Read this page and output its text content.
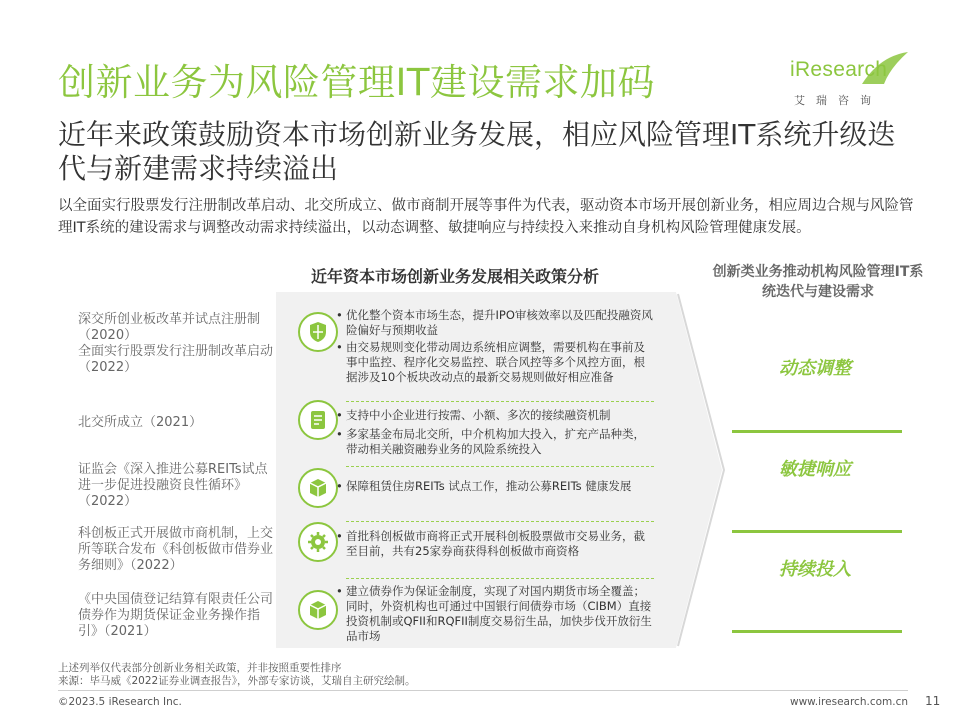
创新业务为风险管理IT建设需求加码	iResearch
艾瑞咨询
近年来政策鼓励资本市场创新业务发展，相应风险管理IT系统升级迭代与新建需求持续溢出
以全面实行股票发行注册制改革启动、北交所成立、做市商制开展等事件为代表，驱动资本市场开展创新业务，相应周边合规与风险管理IT系统的建设需求与调整改动需求持续溢出，以动态调整、敏捷响应与持续投入来推动自身机构风险管理健康发展。
近年资本市场创新业务发展相关政策分析	创新类业务推动机构风险管理IT系统迭代与建设需求
深交所创业板改革并试点注册制（2020）
全面实行股票发行注册制改革启动（2022）
北交所成立（2021）
证监会《深入推进公募REITs试点进一步促进投融资良性循环》（2022）
科创板正式开展做市商机制，上交所等联合发布《科创板做市借券业务细则》（2022）
《中央国债登记结算有限责任公司债券作为期货保证金业务操作指引》（2021）
• 优化整个资本市场生态，提升IPO审核效率以及匹配投融资风险偏好与预期收益
• 由交易规则变化带动周边系统相应调整，需要机构在事前及事中监控、程序化交易监控、联合风控等多个风控方面，根据涉及10个板块改动点的最新交易规则做好相应准备
• 支持中小企业进行按需、小额、多次的接续融资机制
• 多家基金布局北交所，中介机构加大投入，扩充产品种类，带动相关融资融券业务的风险系统投入
• 保障租赁住房REITs 试点工作，推动公募REITs 健康发展
• 首批科创板做市商将正式开展科创板股票做市交易业务，截至目前，共有25家券商获得科创板做市商资格
• 建立债券作为保证金制度，实现了对国内期货市场全覆盖；同时，外资机构也可通过中国银行间债券市场（CIBM）直接投资机制或QFII和RQFII制度交易衍生品，加快步伐开放衍生品市场
动态调整
敏捷响应
持续投入
上述列举仅代表部分创新业务相关政策，并非按照重要性排序
来源：毕马威《2022证券业调查报告》，外部专家访谈，艾瑞自主研究绘制。
©2023.5 iResearch Inc.	www.iresearch.com.cn 11
